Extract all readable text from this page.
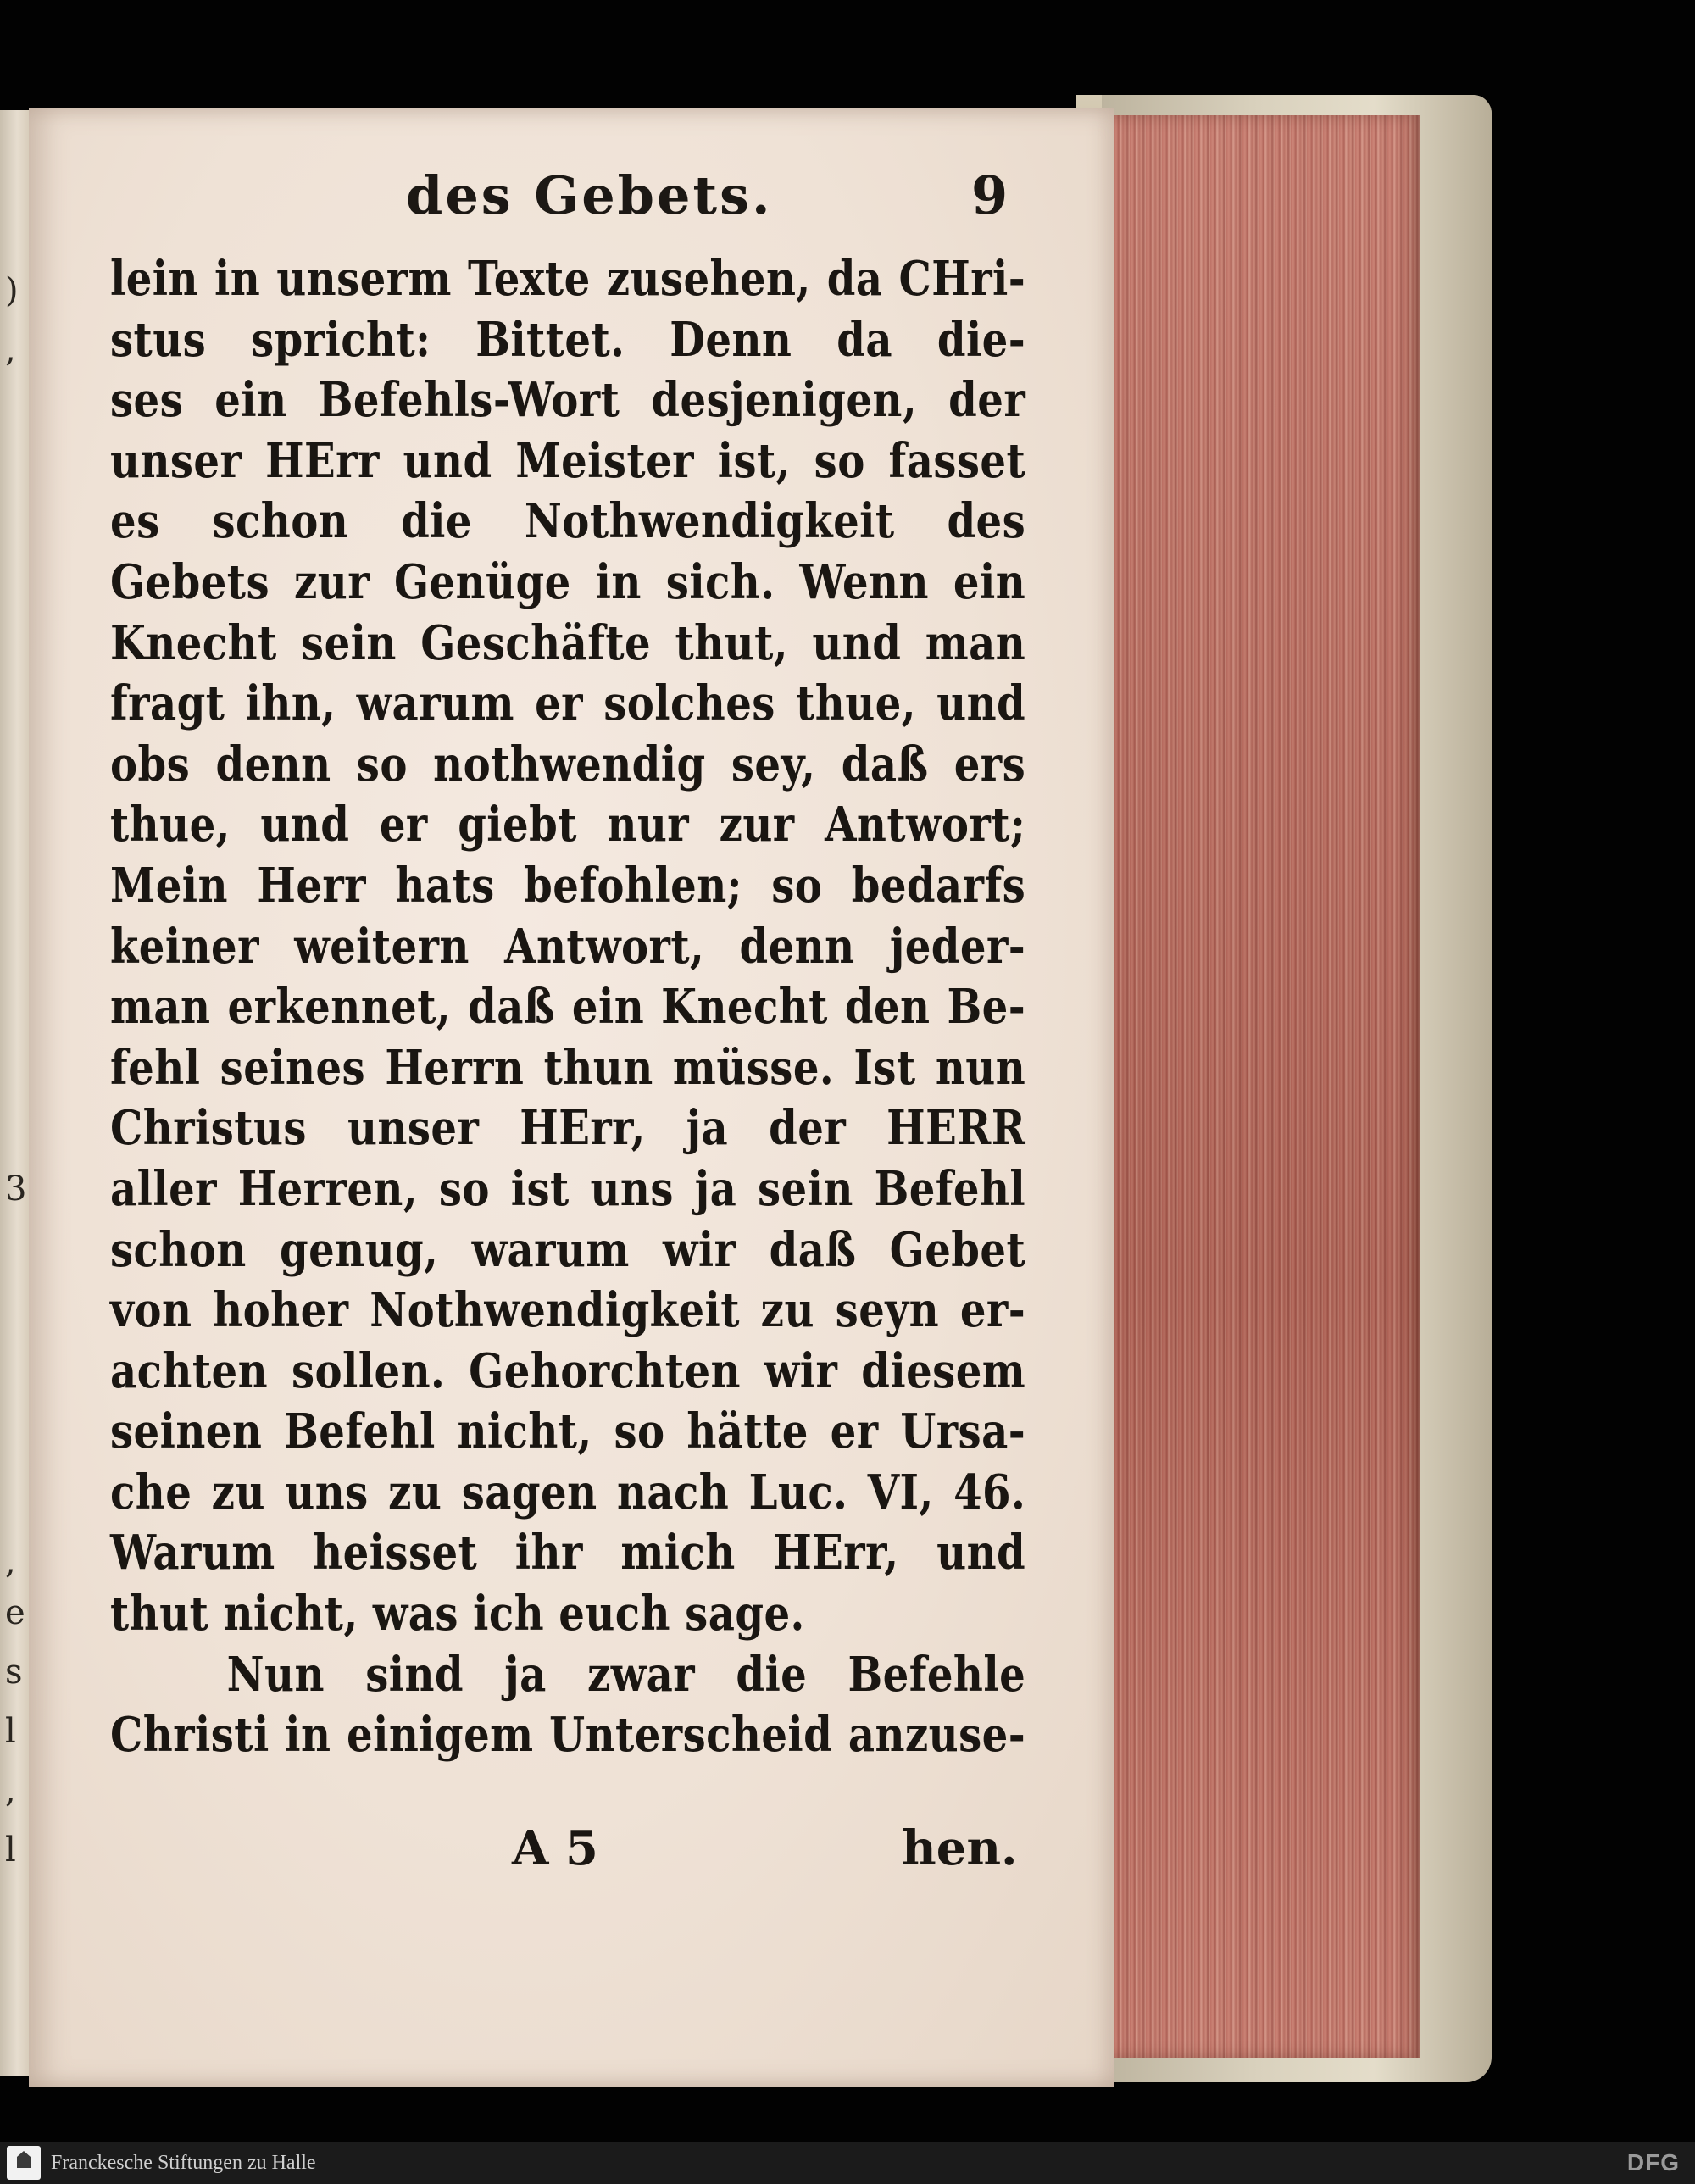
)
,
3
,
e
s
l
,
l
des Gebets.	9
lein in unserm Texte zusehen, da CHri-
stus spricht: Bittet. Denn da die-
ses ein Befehls-Wort desjenigen, der
unser HErr und Meister ist, so fasset
es schon die Nothwendigkeit des
Gebets zur Genüge in sich. Wenn ein
Knecht sein Geschäfte thut, und man
fragt ihn, warum er solches thue, und
obs denn so nothwendig sey, daß ers
thue, und er giebt nur zur Antwort;
Mein Herr hats befohlen; so bedarfs
keiner weitern Antwort, denn jeder-
man erkennet, daß ein Knecht den Be-
fehl seines Herrn thun müsse. Ist nun
Christus unser HErr, ja der HERR
aller Herren, so ist uns ja sein Befehl
schon genug, warum wir daß Gebet
von hoher Nothwendigkeit zu seyn er-
achten sollen. Gehorchten wir diesem
seinen Befehl nicht, so hätte er Ursa-
che zu uns zu sagen nach Luc. VI, 46.
Warum heisset ihr mich HErr, und
thut nicht, was ich euch sage.
Nun sind ja zwar die Befehle
Christi in einigem Unterscheid anzuse-
A 5	hen.
Franckesche Stiftungen zu Halle	DFG
